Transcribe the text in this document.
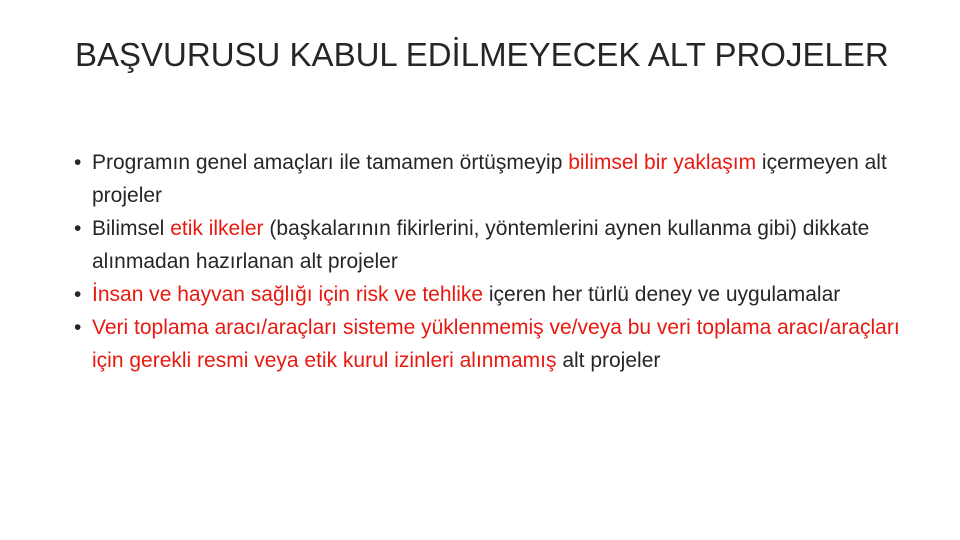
BAŞVURUSU KABUL EDİLMEYECEK ALT PROJELER
• Programın genel amaçları ile tamamen örtüşmeyip bilimsel bir yaklaşım içermeyen alt projeler
• Bilimsel etik ilkeler (başkalarının fikirlerini, yöntemlerini aynen kullanma gibi) dikkate alınmadan hazırlanan alt projeler
• İnsan ve hayvan sağlığı için risk ve tehlike içeren her türlü deney ve uygulamalar
• Veri toplama aracı/araçları sisteme yüklenmemiş ve/veya bu veri toplama aracı/araçları için gerekli resmi veya etik kurul izinleri alınmamış alt projeler
